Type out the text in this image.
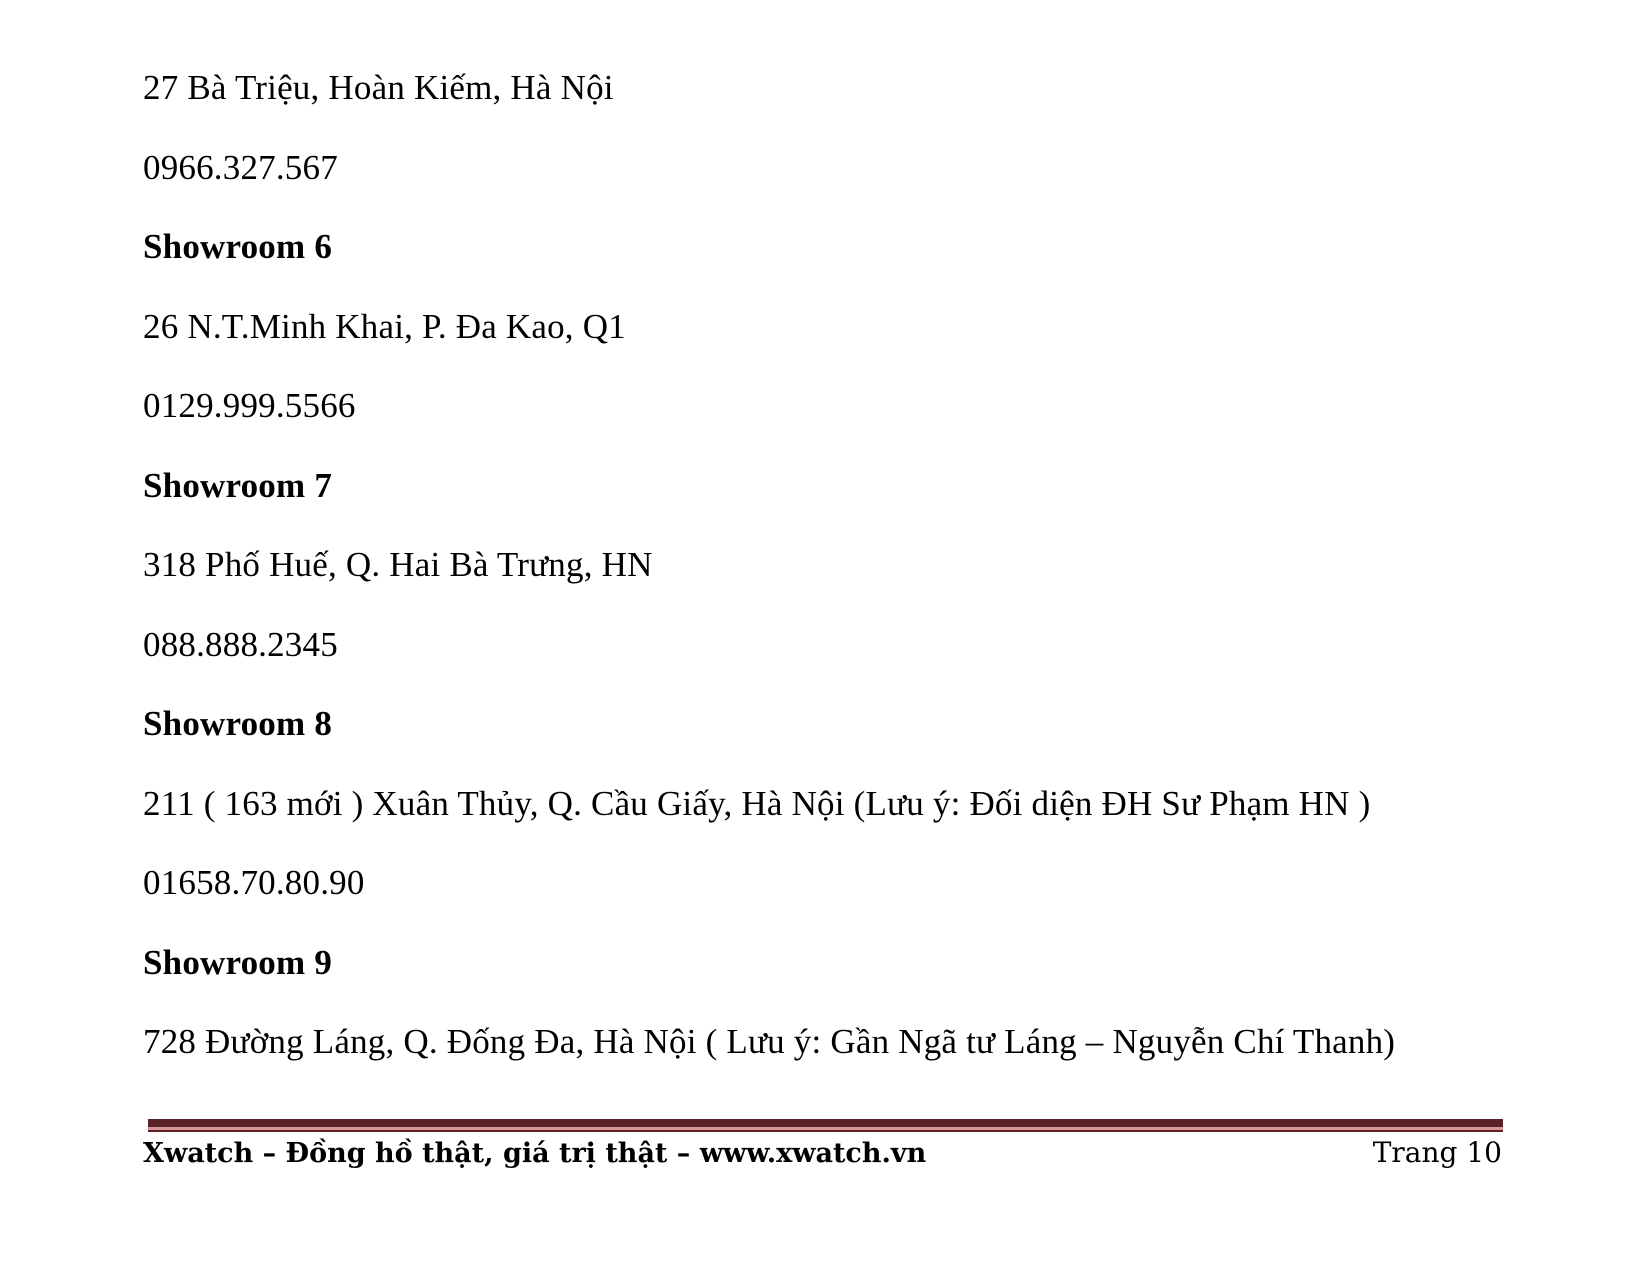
27 Bà Triệu, Hoàn Kiếm, Hà Nội

0966.327.567

Showroom 6

26 N.T.Minh Khai, P. Đa Kao, Q1

0129.999.5566

Showroom 7

318 Phố Huế, Q. Hai Bà Trưng, HN

088.888.2345

Showroom 8

211 ( 163 mới ) Xuân Thủy, Q. Cầu Giấy, Hà Nội (Lưu ý: Đối diện ĐH Sư Phạm HN )

01658.70.80.90

Showroom 9

728 Đường Láng, Q. Đống Đa, Hà Nội ( Lưu ý: Gần Ngã tư Láng – Nguyễn Chí Thanh)

Xwatch – Đồng hồ thật, giá trị thật – www.xwatch.vn	Trang 10
